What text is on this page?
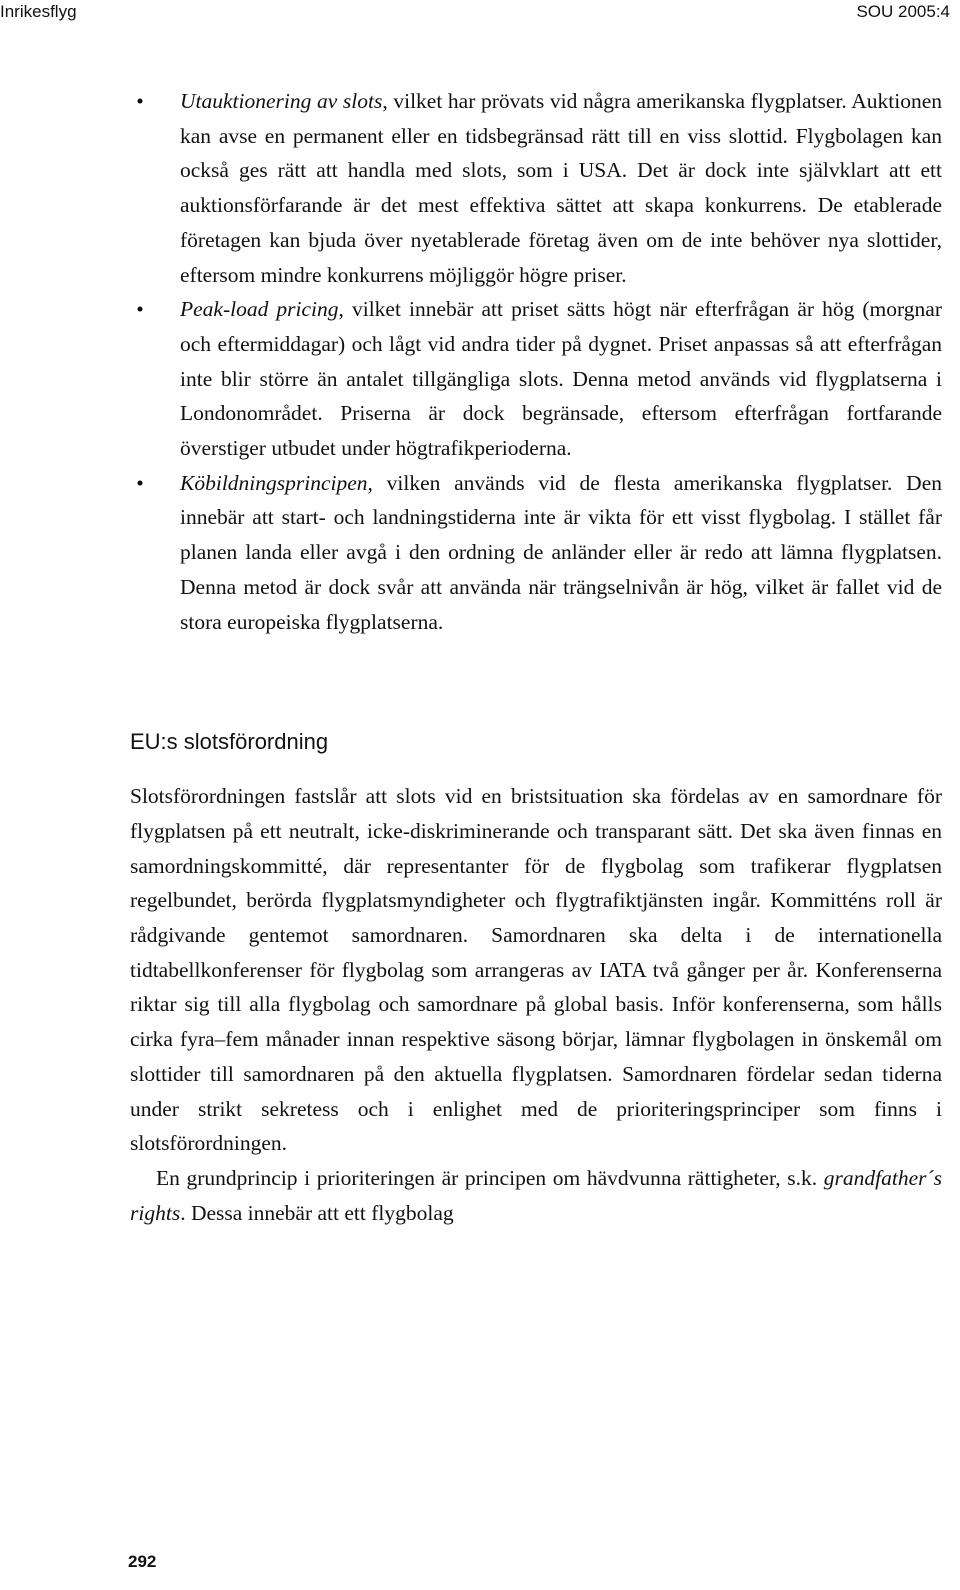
Inrikesflyg	SOU 2005:4
• Utauktionering av slots, vilket har prövats vid några amerikanska flygplatser. Auktionen kan avse en permanent eller en tidsbegränsad rätt till en viss slottid. Flygbolagen kan också ges rätt att handla med slots, som i USA. Det är dock inte självklart att ett auktionsförfarande är det mest effektiva sättet att skapa konkurrens. De etablerade företagen kan bjuda över nyetablerade företag även om de inte behöver nya slottider, eftersom mindre konkurrens möjliggör högre priser.
• Peak-load pricing, vilket innebär att priset sätts högt när efterfrågan är hög (morgnar och eftermiddagar) och lågt vid andra tider på dygnet. Priset anpassas så att efterfrågan inte blir större än antalet tillgängliga slots. Denna metod används vid flygplatserna i Londonområdet. Priserna är dock begränsade, eftersom efterfrågan fortfarande överstiger utbudet under högtrafikperioderna.
• Köbildningsprincipen, vilken används vid de flesta amerikanska flygplatser. Den innebär att start- och landningstiderna inte är vikta för ett visst flygbolag. I stället får planen landa eller avgå i den ordning de anländer eller är redo att lämna flygplatsen. Denna metod är dock svår att använda när trängselnivån är hög, vilket är fallet vid de stora europeiska flygplatserna.
EU:s slotsförordning

Slotsförordningen fastslår att slots vid en bristsituation ska fördelas av en samordnare för flygplatsen på ett neutralt, icke-diskriminerande och transparant sätt. Det ska även finnas en samordningskommitté, där representanter för de flygbolag som trafikerar flygplatsen regelbundet, berörda flygplatsmyndigheter och flygtrafiktjänsten ingår. Kommitténs roll är rådgivande gentemot samordnaren. Samordnaren ska delta i de internationella tidtabellkonferenser för flygbolag som arrangeras av IATA två gånger per år. Konferenserna riktar sig till alla flygbolag och samordnare på global basis. Inför konferenserna, som hålls cirka fyra–fem månader innan respektive säsong börjar, lämnar flygbolagen in önskemål om slottider till samordnaren på den aktuella flygplatsen. Samordnaren fördelar sedan tiderna under strikt sekretess och i enlighet med de prioriteringsprinciper som finns i slotsförordningen.

En grundprincip i prioriteringen är principen om hävdvunna rättigheter, s.k. grandfather´s rights. Dessa innebär att ett flygbolag

292
